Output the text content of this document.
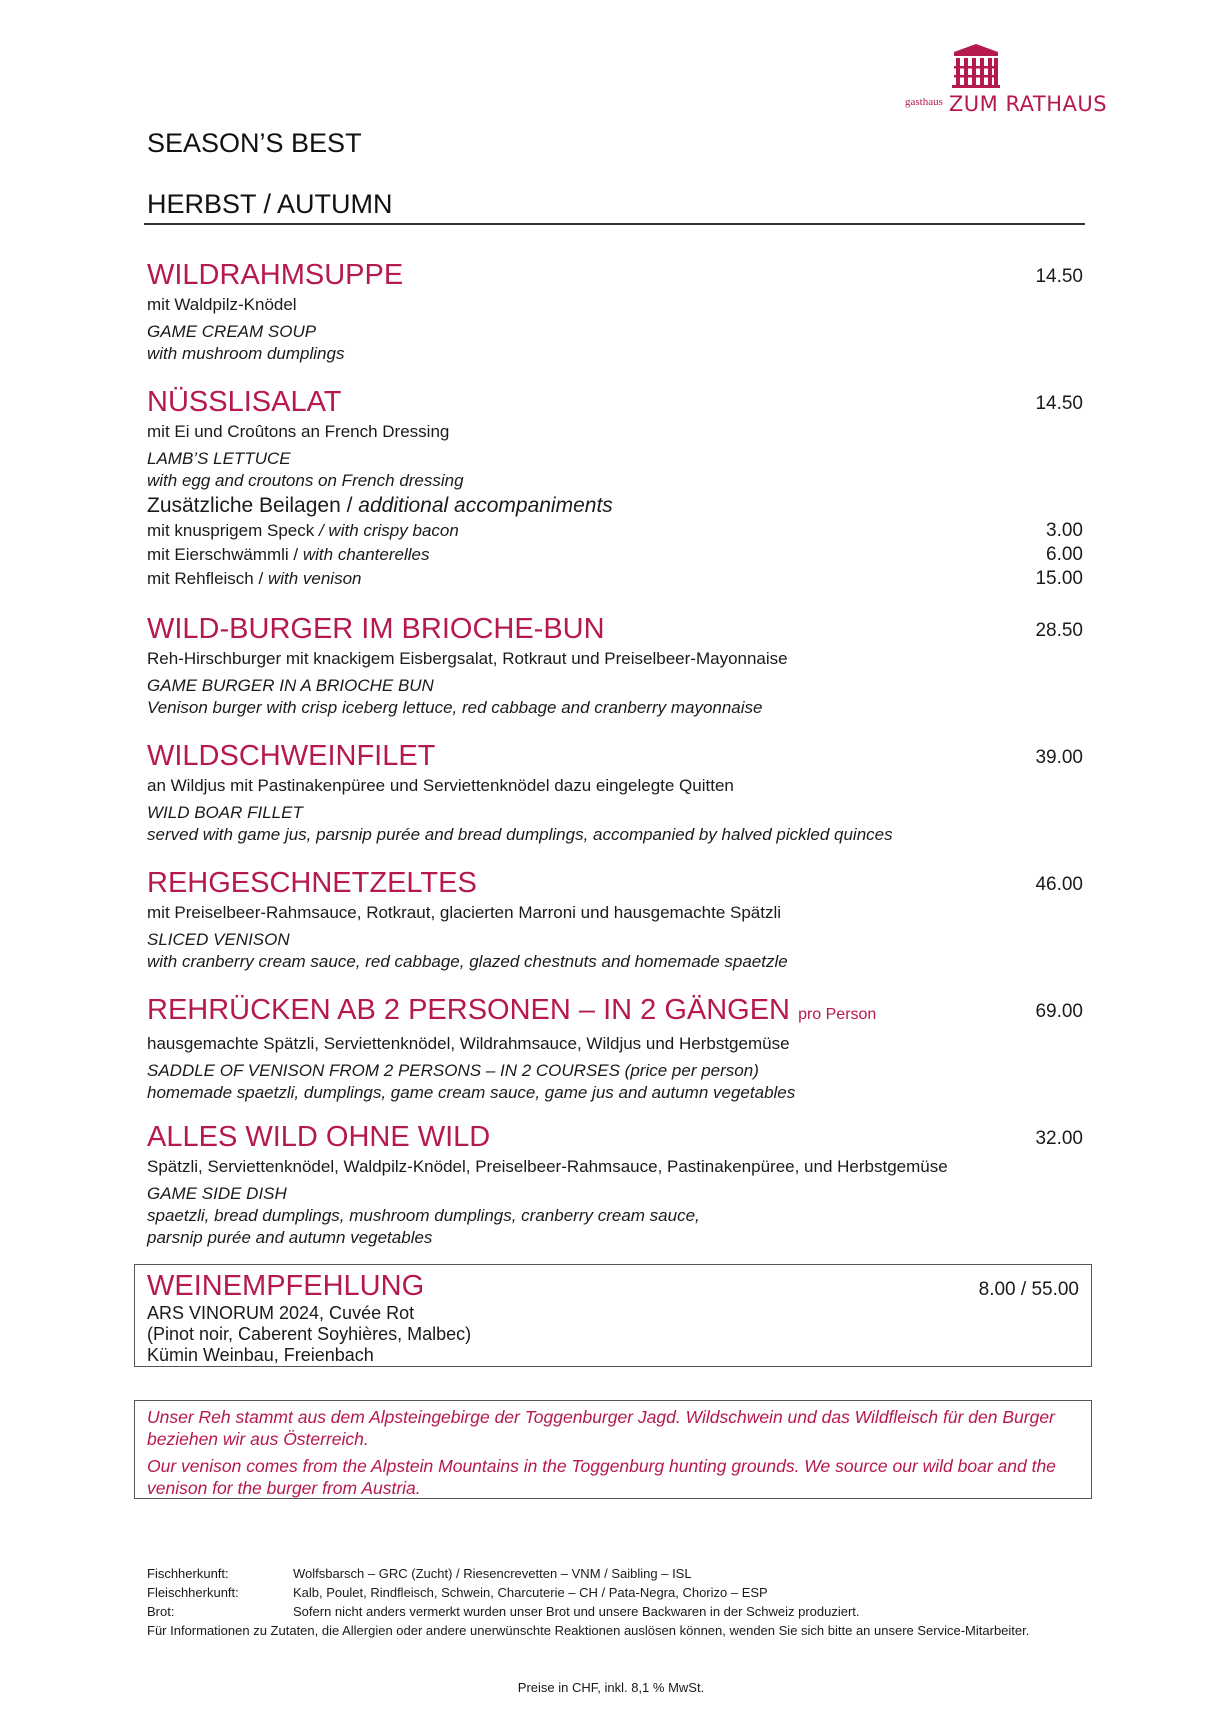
$^{gasthaus}$ ZUM RATHAUS
SEASON’S BEST
HERBST / AUTUMN
WILDRAHMSUPPE	14.50
mit Waldpilz-Knödel
GAME CREAM SOUP
with mushroom dumplings
NÜSSLISALAT	14.50
mit Ei und Croûtons an French Dressing
LAMB’S LETTUCE
with egg and croutons on French dressing
Zusätzliche Beilagen / additional accompaniments
mit knusprigem Speck / with crispy bacon	3.00
mit Eierschwämmli / with chanterelles	6.00
mit Rehfleisch / with venison	15.00
WILD-BURGER IM BRIOCHE-BUN	28.50
Reh-Hirschburger mit knackigem Eisbergsalat, Rotkraut und Preiselbeer-Mayonnaise
GAME BURGER IN A BRIOCHE BUN
Venison burger with crisp iceberg lettuce, red cabbage and cranberry mayonnaise
WILDSCHWEINFILET	39.00
an Wildjus mit Pastinakenpüree und Serviettenknödel dazu eingelegte Quitten
WILD BOAR FILLET
served with game jus, parsnip purée and bread dumplings, accompanied by halved pickled quinces
REHGESCHNETZELTES	46.00
mit Preiselbeer-Rahmsauce, Rotkraut, glacierten Marroni und hausgemachte Spätzli
SLICED VENISON
with cranberry cream sauce, red cabbage, glazed chestnuts and homemade spaetzle
REHRÜCKEN AB 2 PERSONEN – IN 2 GÄNGEN pro Person	69.00
hausgemachte Spätzli, Serviettenknödel, Wildrahmsauce, Wildjus und Herbstgemüse
SADDLE OF VENISON FROM 2 PERSONS – IN 2 COURSES (price per person)
homemade spaetzli, dumplings, game cream sauce, game jus and autumn vegetables
ALLES WILD OHNE WILD	32.00
Spätzli, Serviettenknödel, Waldpilz-Knödel, Preiselbeer-Rahmsauce, Pastinakenpüree, und Herbstgemüse
GAME SIDE DISH
spaetzli, bread dumplings, mushroom dumplings, cranberry cream sauce,
parsnip purée and autumn vegetables
WEINEMPFEHLUNG	8.00 / 55.00
ARS VINORUM 2024, Cuvée Rot
(Pinot noir, Caberent Soyhières, Malbec)
Kümin Weinbau, Freienbach

Unser Reh stammt aus dem Alpsteingebirge der Toggenburger Jagd. Wildschwein und das Wildfleisch für den Burger beziehen wir aus Österreich.

Our venison comes from the Alpstein Mountains in the Toggenburg hunting grounds. We source our wild boar and the venison for the burger from Austria.

Fischherkunft:	Wolfsbarsch – GRC (Zucht) / Riesencrevetten – VNM / Saibling – ISL
Fleischherkunft:	Kalb, Poulet, Rindfleisch, Schwein, Charcuterie – CH / Pata-Negra, Chorizo – ESP
Brot:	Sofern nicht anders vermerkt wurden unser Brot und unsere Backwaren in der Schweiz produziert.
Für Informationen zu Zutaten, die Allergien oder andere unerwünschte Reaktionen auslösen können, wenden Sie sich bitte an unsere Service-Mitarbeiter.
Preise in CHF, inkl. 8,1 % MwSt.
